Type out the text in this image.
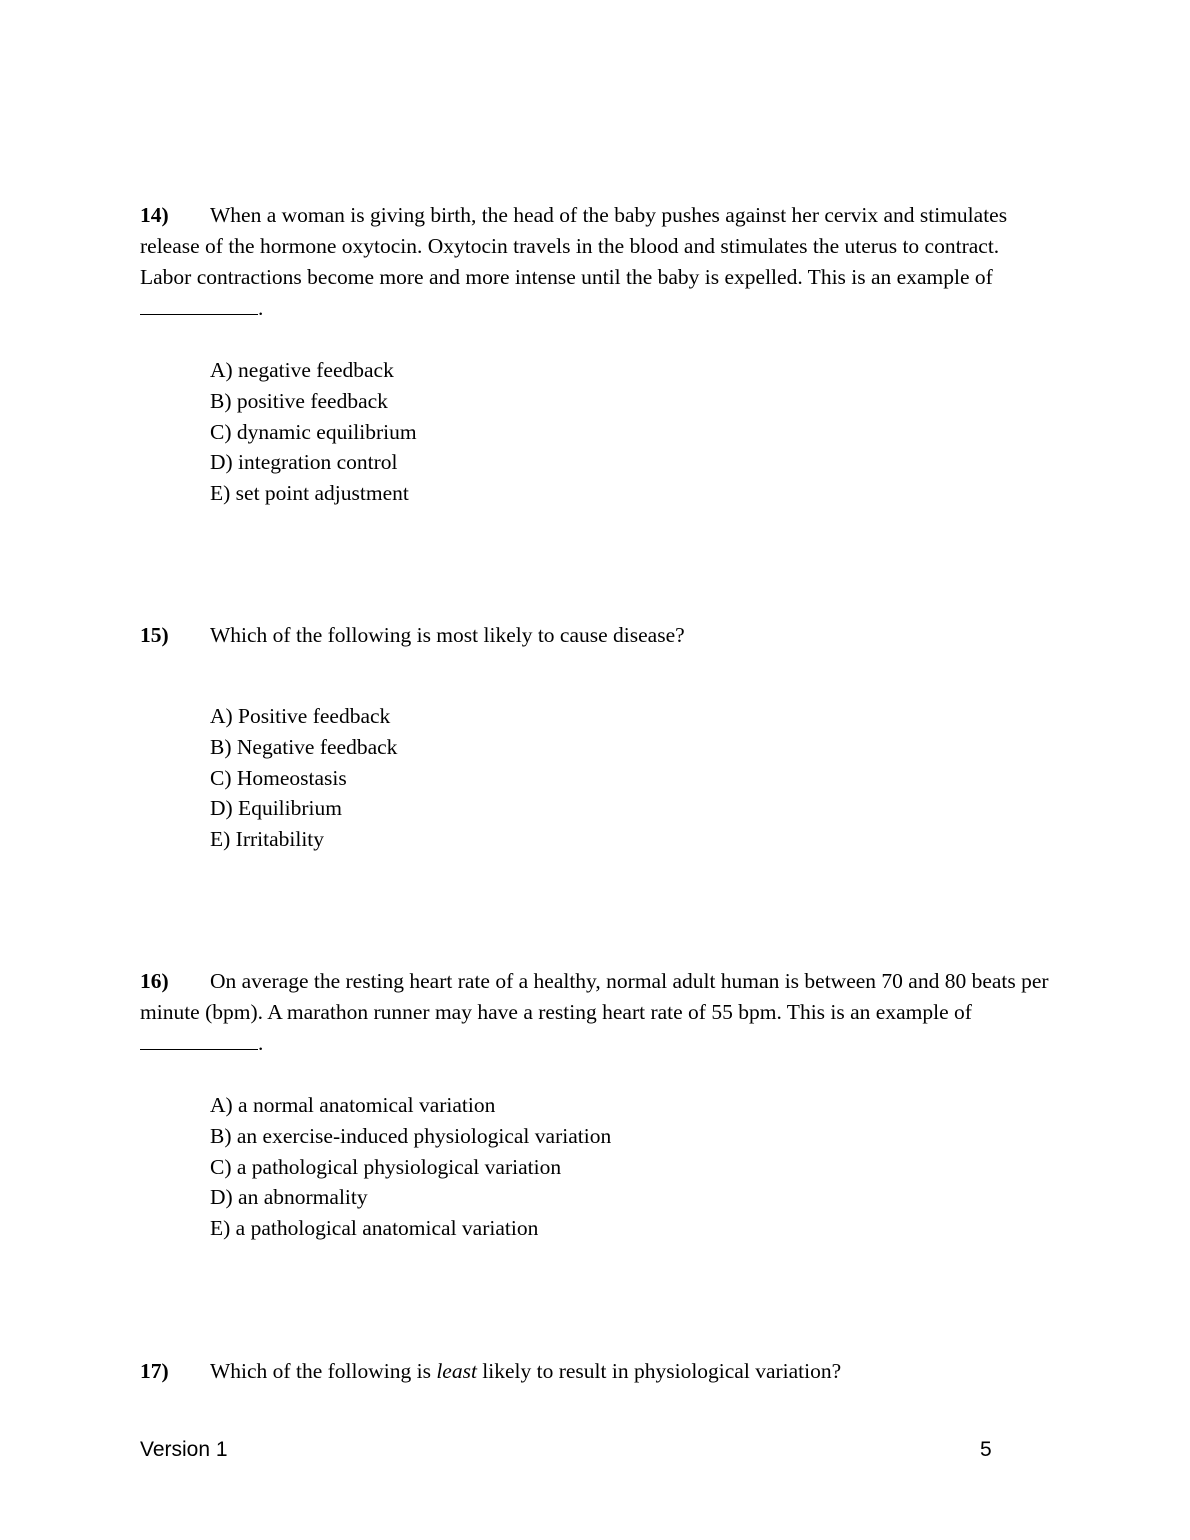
14) When a woman is giving birth, the head of the baby pushes against her cervix and stimulates release of the hormone oxytocin. Oxytocin travels in the blood and stimulates the uterus to contract. Labor contractions become more and more intense until the baby is expelled. This is an example of .
A) negative feedback
B) positive feedback
C) dynamic equilibrium
D) integration control
E) set point adjustment
15) Which of the following is most likely to cause disease?
A) Positive feedback
B) Negative feedback
C) Homeostasis
D) Equilibrium
E) Irritability
16) On average the resting heart rate of a healthy, normal adult human is between 70 and 80 beats per minute (bpm). A marathon runner may have a resting heart rate of 55 bpm. This is an example of .
A) a normal anatomical variation
B) an exercise-induced physiological variation
C) a pathological physiological variation
D) an abnormality
E) a pathological anatomical variation
17) Which of the following is least likely to result in physiological variation?
Version 1	5
